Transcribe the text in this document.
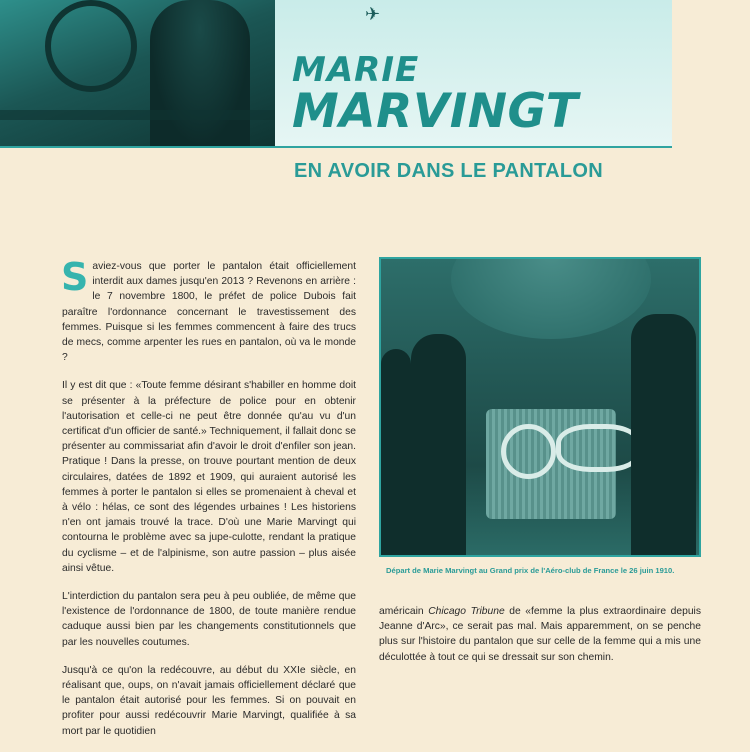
✈
MARIE
MARVINGT
EN AVOIR DANS LE PANTALON

Saviez-vous que porter le pantalon était officiellement interdit aux dames jusqu'en 2013 ? Revenons en arrière : le 7 novembre 1800, le préfet de police Dubois fait paraître l'ordonnance concernant le travestissement des femmes. Puisque si les femmes commencent à faire des trucs de mecs, comme arpenter les rues en pantalon, où va le monde ?

Il y est dit que : «Toute femme désirant s'habiller en homme doit se présenter à la préfecture de police pour en obtenir l'autorisation et celle-ci ne peut être donnée qu'au vu d'un certificat d'un officier de santé.» Techniquement, il fallait donc se présenter au commissariat afin d'avoir le droit d'enfiler son jean. Pratique ! Dans la presse, on trouve pourtant mention de deux circulaires, datées de 1892 et 1909, qui auraient autorisé les femmes à porter le pantalon si elles se promenaient à cheval et à vélo : hélas, ce sont des légendes urbaines ! Les historiens n'en ont jamais trouvé la trace. D'où une Marie Marvingt qui contourna le problème avec sa jupe-culotte, rendant la pratique du cyclisme – et de l'alpinisme, son autre passion – plus aisée ainsi vêtue.

L'interdiction du pantalon sera peu à peu oubliée, de même que l'existence de l'ordonnance de 1800, de toute manière rendue caduque aussi bien par les changements constitutionnels que par les nouvelles coutumes.

Jusqu'à ce qu'on la redécouvre, au début du XXIe siècle, en réalisant que, oups, on n'avait jamais officiellement déclaré que le pantalon était autorisé pour les femmes. Si on pouvait en profiter pour aussi redécouvrir Marie Marvingt, qualifiée à sa mort par le quotidien

Départ de Marie Marvingt au Grand prix de l'Aéro-club de France le 26 juin 1910.

américain Chicago Tribune de «femme la plus extraordinaire depuis Jeanne d'Arc», ce serait pas mal. Mais apparemment, on se penche plus sur l'histoire du pantalon que sur celle de la femme qui a mis une déculottée à tout ce qui se dressait sur son chemin.
